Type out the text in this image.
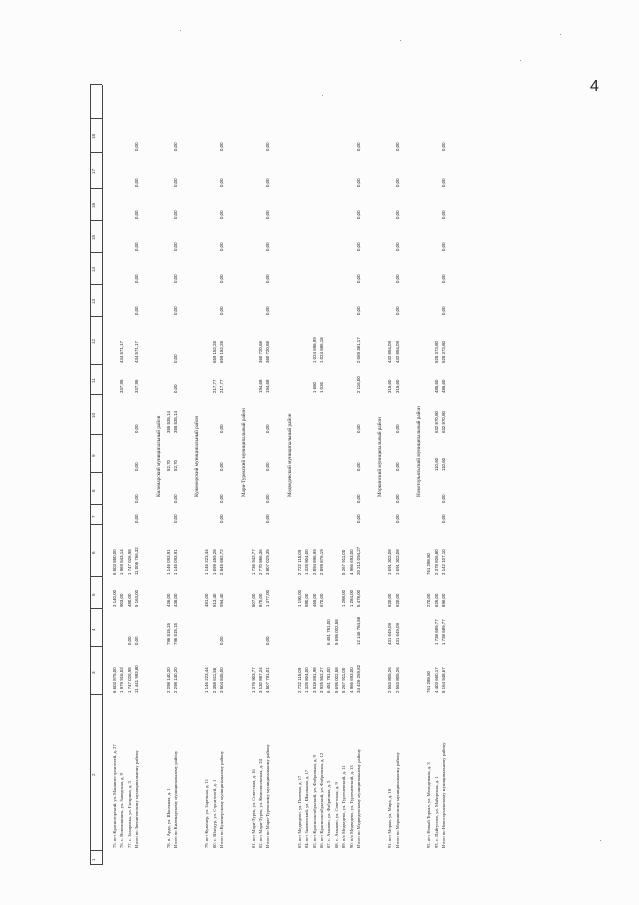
4
1
2
3
4
5
6
7
8
9
10
11
12
13
14
15
16
17
18
75. пгт Красногорский, ул. Машиностроителей, д. 27
6 603 875,00
3 140,00
6 603 850,00
76. с. Новоаннинск, ул. Заводская, д. 9
1 979 916,53
903,00
1 969 543,14
337,95
434 571,17
77. с. Захаровка, ул. Гагарина, д. 3
1 747 026,98
0,00
480,00
1 747 026,98
Итого по Звениговскому муниципальному району
11 441 993,80
0,00
5 163,00
11 006 766,32
0,00
0,00
0,00
0,00
337,95
434 571,17
0,00
0,00
0,00
0,00
0,00
0,00
Килемарский муниципальный район
78. п. Арда, ул. Школьная, д. 1
2 298 140,20
796 515,15
436,00
1 146 093,91
52,70
355 535,14
Итого по Килемарскому муниципальному району
2 298 140,20
796 515,15
436,00
1 146 093,91
0,00
0,00
52,70
355 535,14
0,00
0,00
0,00
0,00
0,00
0,00
0,00
0,00
Куженерский муниципальный район
79. пгт Куженер, ул. Заречная, д. 11
1 146 223,44
481,00
1 146 223,44
80. с. Юледур, ул. Строителей, д. 1
2 358 611,56
513,40
1 699 459,28
217,77
659 152,28
Итого по Куженерскому муниципальному району
3 504 835,00
0,00
994,40
2 845 682,72
0,00
0,00
0,00
0,00
217,77
659 152,28
0,00
0,00
0,00
0,00
0,00
0,00
Мари-Турекский муниципальный район
81. пгт Мари-Турек, ул. Советская, д. 16
1 376 903,77
507,00
1 736 942,77
82. пгт Мари-Турек, ул. Комсомольская, д. 24
3 130 887,24
870,00
2 770 886,36
194,68
360 720,68
Итого по Мари-Турекскому муниципальному району
4 507 791,01
0,00
1 377,00
3 807 029,35
0,00
0,00
0,00
0,00
194,68
360 720,68
0,00
0,00
0,00
0,00
0,00
0,00
Медведевский муниципальный район
83. пгт Медведево, ул. Полевая, д. 17
2 722 115,09
1 190,00
2 722 115,09
84. пгт Знаменский, ул. Школьная, д. 17
1 325 804,00
580,00
1 325 804,00
85. пгт Краснооктябрьский, ул. Фабричная, д. 9
3 918 891,98
465,00
2 894 896,99
1 660
1 024 696,99
86. пгт Краснооктябрьский, ул. Фабричная, д. 12
3 925 562,27
670,00
2 899 876,19
1 036
1 024 686,18
87. с. Азаново, ул. Фабричная, д. 5
6 451 781,00
6 451 781,00
88. с. Азаново, ул. Советская, д. 9
5 695 002,58
5 695 002,58
89. п/о Медведево, ул. Тургеневский, д. 11
5 267 911,00
1 288,00
5 267 911,00
90. п/о Медведево, ул. Тургеневский, д. 13
4 966 693,00
1 284,00
4 966 693,00
Итого по Медведевскому муниципальному району
34 426 259,82
12 146 784,58
5 478,00
20 212 094,27
0,00
0,00
0,00
0,00
2 116,00
2 069 381,17
0,00
0,00
0,00
0,00
0,00
0,00
Моркинский муниципальный район
91. пгт Морки, ул. Мира, д. 18
2 553 805,26
431 649,09
620,00
1 691 302,08
315,60
432 854,09
Итого по Моркинскому муниципальному району
2 553 805,26
431 649,09
620,00
1 691 302,08
0,00
0,00
0,00
0,00
315,60
432 854,09
0,00
0,00
0,00
0,00
0,00
0,00
Новоторъяльский муниципальный район
92. пгт Новый Торъял, ул. Молодежная, д. 3
761 288,50
270,00
761 288,50
93. с. Пайгусово, ул. Майорская, д. 1
4 403 660,17
1 738 689,77
626,00
2 378 826,80
110,60
632 870,80
485,60
525 373,80
Итого по Новоторъяльскому муниципальному району
5 164 948,67
1 738 689,77
896,00
3 142 107,10
0,00
0,00
110,60
632 870,80
485,60
525 373,80
0,00
0,00
0,00
0,00
0,00
0,00
